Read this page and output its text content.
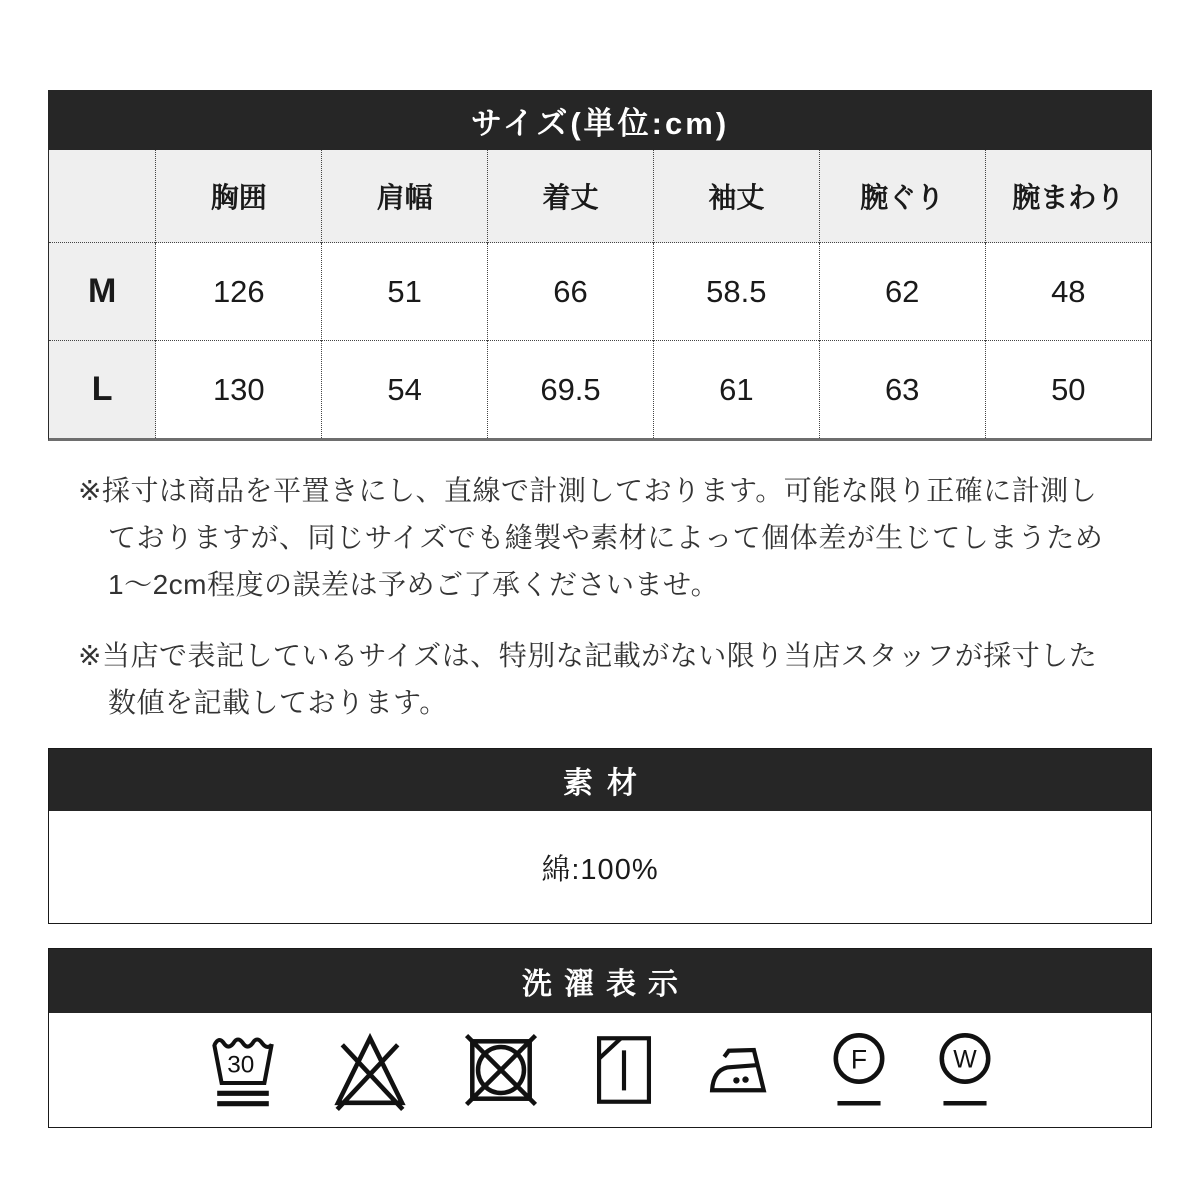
サイズ(単位:cm)
	胸囲	肩幅	着丈	袖丈	腕ぐり	腕まわり
M	126	51	66	58.5	62	48
L	130	54	69.5	61	63	50
※採寸は商品を平置きにし、直線で計測しております。可能な限り正確に計測し
ておりますが、同じサイズでも縫製や素材によって個体差が生じてしまうため
1〜2cm程度の誤差は予めご了承くださいませ。
※当店で表記しているサイズは、特別な記載がない限り当店スタッフが採寸した
数値を記載しております。
素材
綿:100%
洗濯表示
30	F	W
